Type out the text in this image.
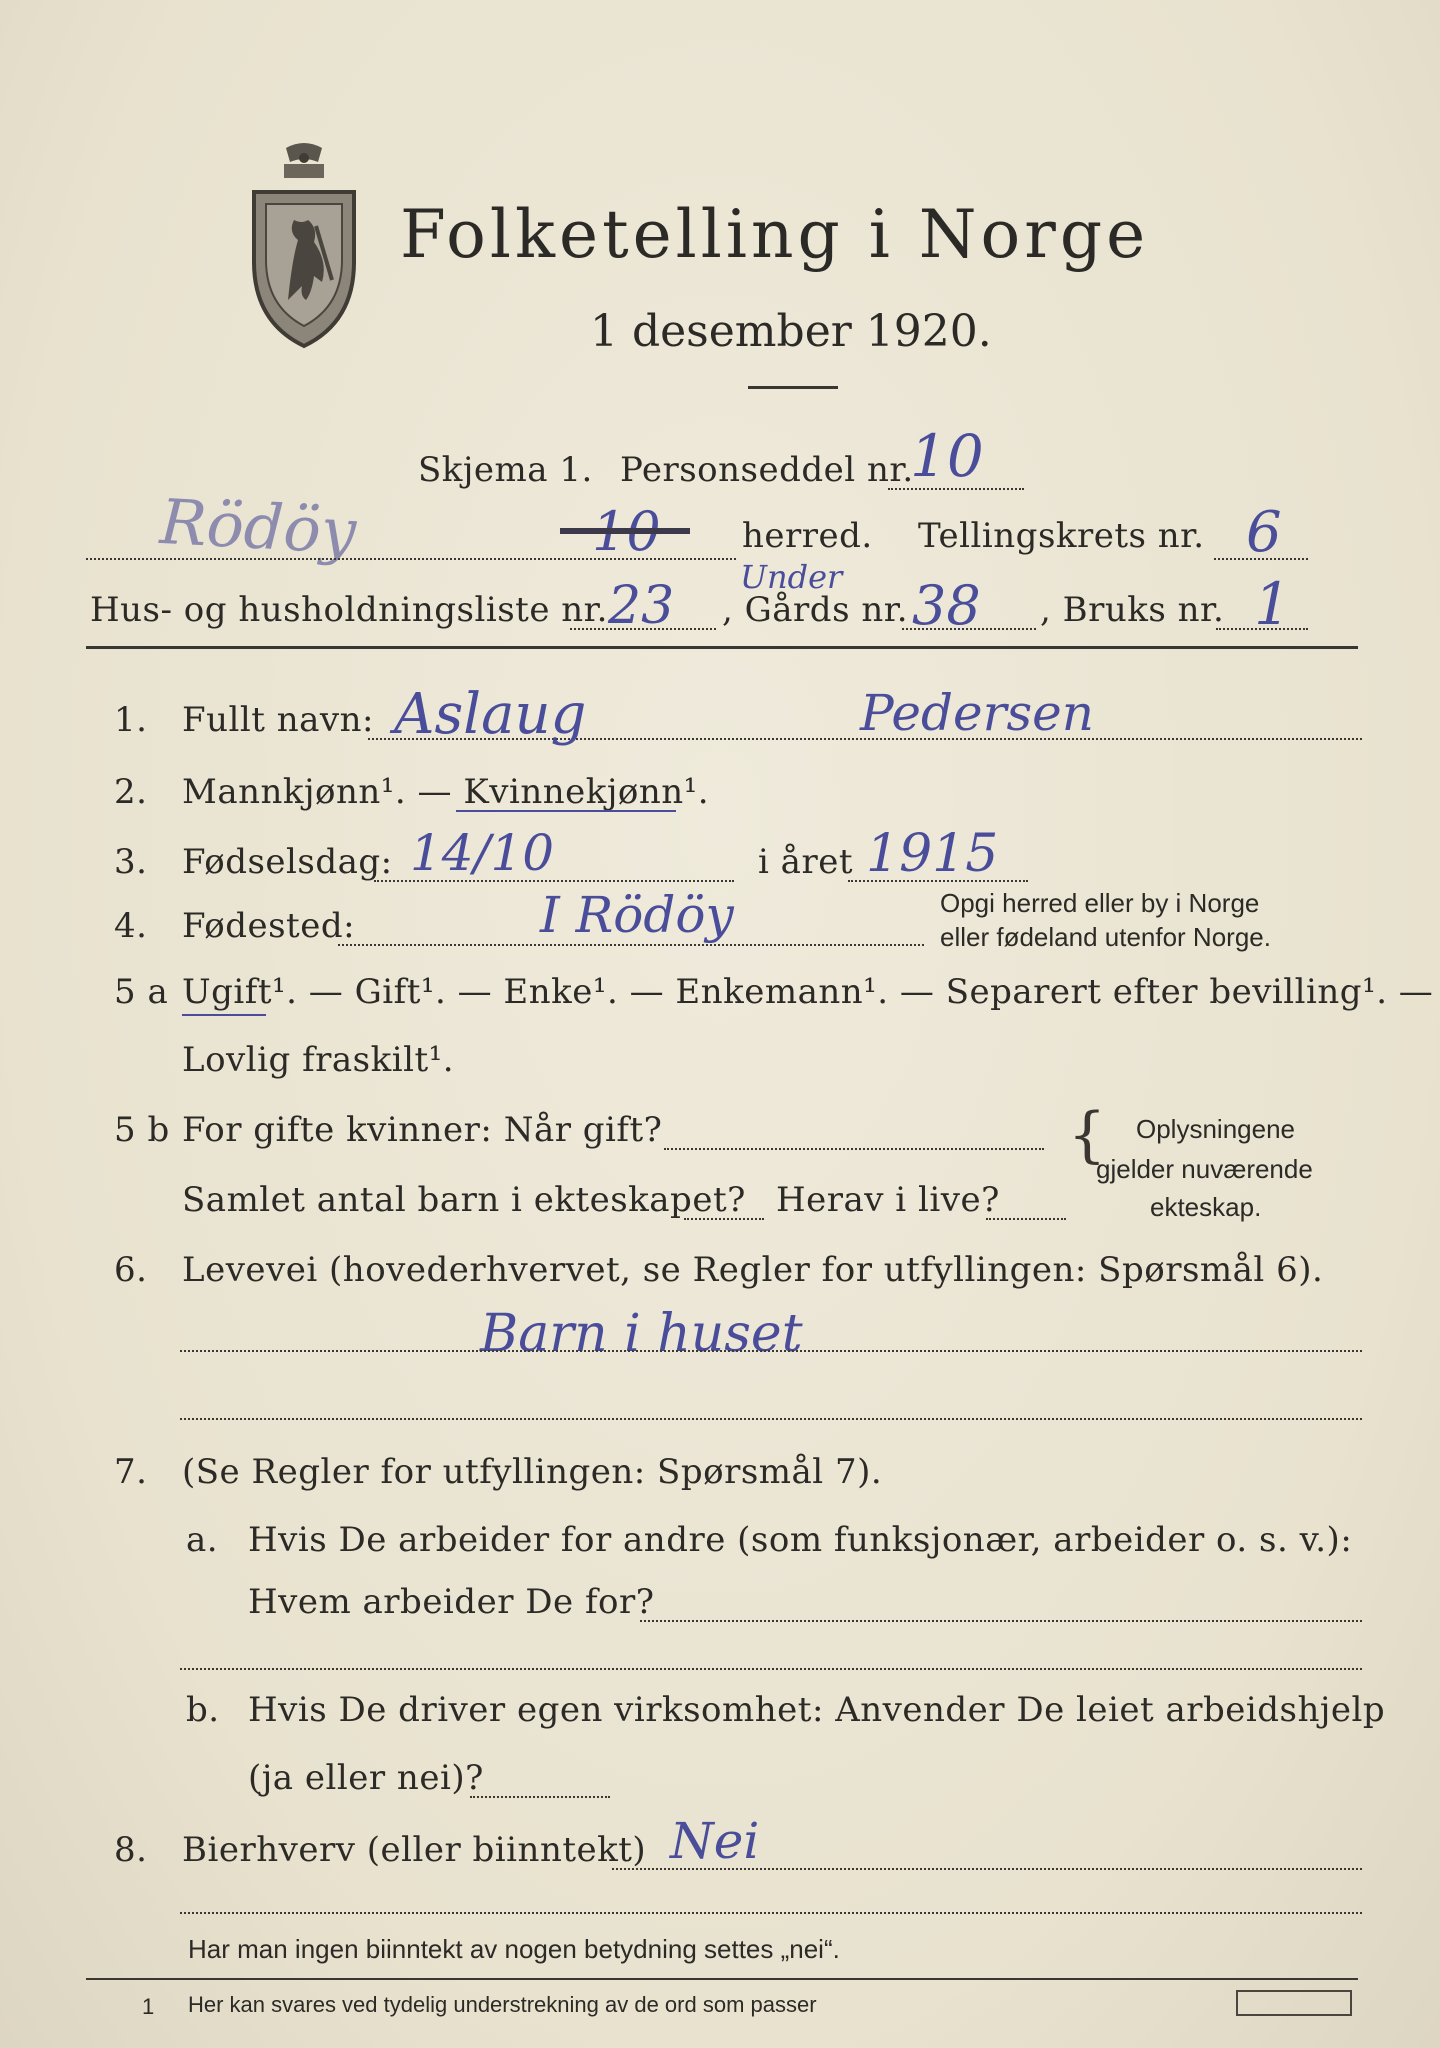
Folketelling i Norge
1 desember 1920.
Skjema 1. Personseddel nr.
10
Rödöy	10 herred. Tellingskrets nr. 6
Hus- og husholdningsliste nr. 23 , Gårds nr.
Under 38 , Bruks nr. 1
1. Fullt navn: Aslaug	Pedersen
2. Mannkjønn¹. — Kvinnekjønn¹.
3. Fødselsdag: 14/10	i året 1915
4. Fødested:	I Rödöy	Opgi herred eller by i Norge
eller fødeland utenfor Norge.
5 a Ugift¹. — Gift¹. — Enke¹. — Enkemann¹. — Separert efter bevilling¹. —
Lovlig fraskilt¹.
5 b For gifte kvinner: Når gift?
Samlet antal barn i ekteskapet? Herav i live?
{ Oplysningene
gjelder nuværende
ekteskap.
6. Levevei (hovederhvervet, se Regler for utfyllingen: Spørsmål 6).
Barn i huset
7. (Se Regler for utfyllingen: Spørsmål 7).
a. Hvis De arbeider for andre (som funksjonær, arbeider o. s. v.):
Hvem arbeider De for?
b. Hvis De driver egen virksomhet: Anvender De leiet arbeidshjelp
(ja eller nei)?
8. Bierhverv (eller biinntekt) Nei
Har man ingen biinntekt av nogen betydning settes „nei“.
1 Her kan svares ved tydelig understrekning av de ord som passer
